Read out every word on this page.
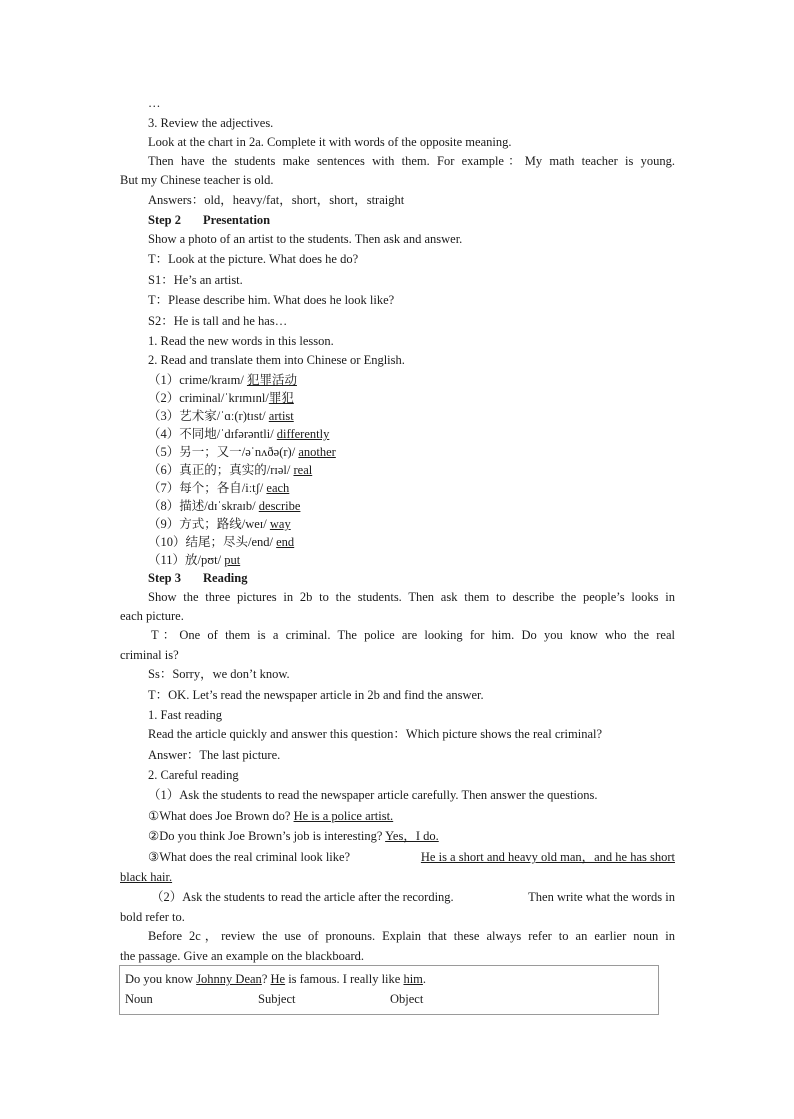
…
3. Review the adjectives.
Look at the chart in 2a. Complete it with words of the opposite meaning.
Then have the students make sentences with them. For example：My math teacher is young.
But my Chinese teacher is old.
Answers：old，heavy/fat，short，short，straight
Step 2 Presentation
Show a photo of an artist to the students. Then ask and answer.
T：Look at the picture. What does he do?
S1：He’s an artist.
T：Please describe him. What does he look like?
S2：He is tall and he has…
1. Read the new words in this lesson.
2. Read and translate them into Chinese or English.
（1）crime/kraɪm/ 犯罪活动
（2）criminal/ˈkrɪmɪnl/罪犯
（3）艺术家/ˈɑː(r)tɪst/ artist
（4）不同地/ˈdɪfərəntli/ differently
（5）另一；又一/əˈnʌðə(r)/ another
（6）真正的；真实的/rɪəl/ real
（7）每个；各自/iːtʃ/ each
（8）描述/dɪˈskraɪb/ describe
（9）方式；路线/weɪ/ way
（10）结尾；尽头/end/ end
（11）放/pʊt/ put
Step 3 Reading
Show the three pictures in 2b to the students. Then ask them to describe the people’s looks in
each picture.
T：One of them is a criminal. The police are looking for him. Do you know who the real
criminal is?
Ss：Sorry，we don’t know.
T：OK. Let’s read the newspaper article in 2b and find the answer.
1. Fast reading
Read the article quickly and answer this question：Which picture shows the real criminal?
Answer：The last picture.
2. Careful reading
（1）Ask the students to read the newspaper article carefully. Then answer the questions.
①What does Joe Brown do? He is a police artist.
②Do you think Joe Brown’s job is interesting? Yes，I do.
③What does the real criminal look like?	He is a short and heavy old man，and he has short
black hair.
（2）Ask the students to read the article after the recording.	Then write what the words in
bold refer to.
Before 2c，review the use of pronouns. Explain that these always refer to an earlier noun in
the passage. Give an example on the blackboard.
Do you know Johnny Dean? He is famous. I really like him.
Noun	Subject	Object
